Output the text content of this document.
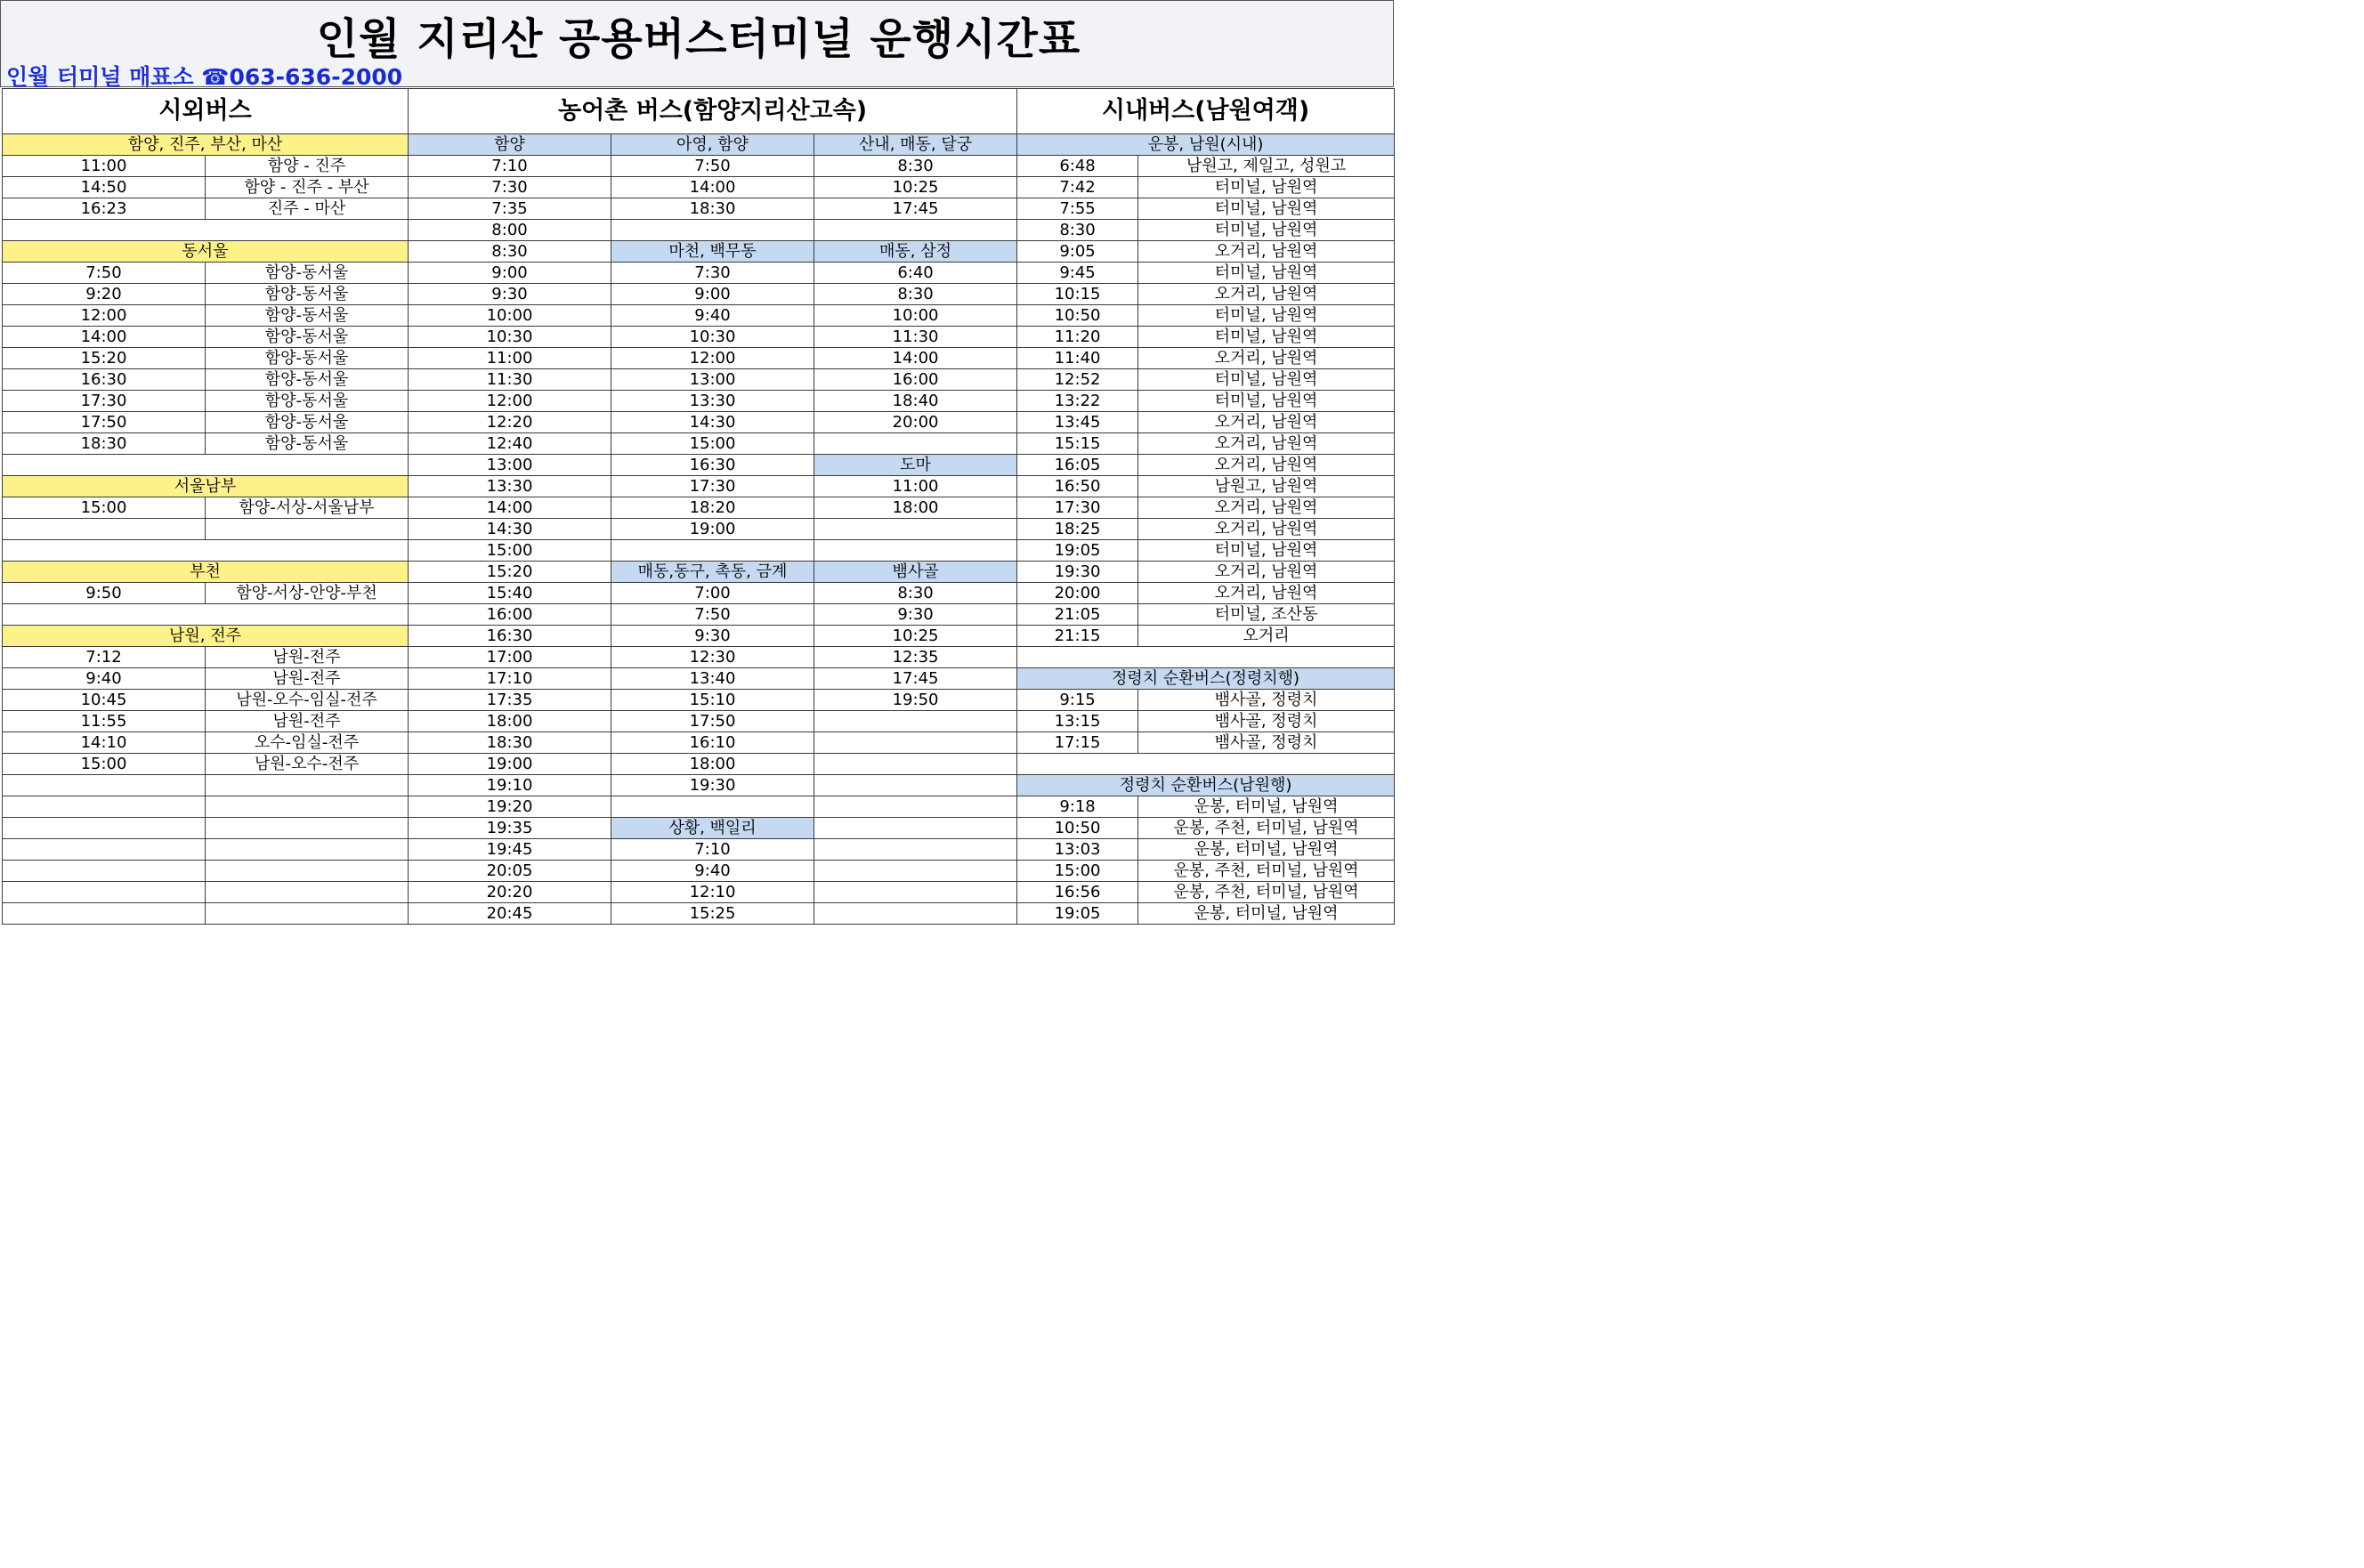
인월 지리산 공용버스터미널 운행시간표
인월 터미널 매표소 ☎063-636-2000
시외버스		농어촌 버스(함양지리산고속)			시내버스(남원여객)	
함양, 진주, 부산, 마산		함양	아영, 함양	산내, 매동, 달궁	운봉, 남원(시내)	
11:00	함양 - 진주	7:10	7:50	8:30	6:48	남원고, 제일고, 성원고
14:50	함양 - 진주 - 부산	7:30	14:00	10:25	7:42	터미널, 남원역
16:23	진주 - 마산	7:35	18:30	17:45	7:55	터미널, 남원역
		8:00			8:30	터미널, 남원역
동서울		8:30	마천, 백무동	매동, 삼정	9:05	오거리, 남원역
7:50	함양-동서울	9:00	7:30	6:40	9:45	터미널, 남원역
9:20	함양-동서울	9:30	9:00	8:30	10:15	오거리, 남원역
12:00	함양-동서울	10:00	9:40	10:00	10:50	터미널, 남원역
14:00	함양-동서울	10:30	10:30	11:30	11:20	터미널, 남원역
15:20	함양-동서울	11:00	12:00	14:00	11:40	오거리, 남원역
16:30	함양-동서울	11:30	13:00	16:00	12:52	터미널, 남원역
17:30	함양-동서울	12:00	13:30	18:40	13:22	터미널, 남원역
17:50	함양-동서울	12:20	14:30	20:00	13:45	오거리, 남원역
18:30	함양-동서울	12:40	15:00		15:15	오거리, 남원역
		13:00	16:30	도마	16:05	오거리, 남원역
서울남부		13:30	17:30	11:00	16:50	남원고, 남원역
15:00	함양-서상-서울남부	14:00	18:20	18:00	17:30	오거리, 남원역
		14:30	19:00		18:25	오거리, 남원역
		15:00			19:05	터미널, 남원역
부천		15:20	매동,동구, 촉동, 금계	뱀사골	19:30	오거리, 남원역
9:50	함양-서상-안양-부천	15:40	7:00	8:30	20:00	오거리, 남원역
		16:00	7:50	9:30	21:05	터미널, 조산동
남원, 전주		16:30	9:30	10:25	21:15	오거리
7:12	남원-전주	17:00	12:30	12:35		
9:40	남원-전주	17:10	13:40	17:45	정령치 순환버스(정령치행)	
10:45	남원-오수-임실-전주	17:35	15:10	19:50	9:15	뱀사골, 정령치
11:55	남원-전주	18:00	17:50		13:15	뱀사골, 정령치
14:10	오수-임실-전주	18:30	16:10		17:15	뱀사골, 정령치
15:00	남원-오수-전주	19:00	18:00			
		19:10	19:30		정령치 순환버스(남원행)	
		19:20			9:18	운봉, 터미널, 남원역
		19:35	상황, 백일리		10:50	운봉, 주천, 터미널, 남원역
		19:45	7:10		13:03	운봉, 터미널, 남원역
		20:05	9:40		15:00	운봉, 주천, 터미널, 남원역
		20:20	12:10		16:56	운봉, 주천, 터미널, 남원역
		20:45	15:25		19:05	운봉, 터미널, 남원역
